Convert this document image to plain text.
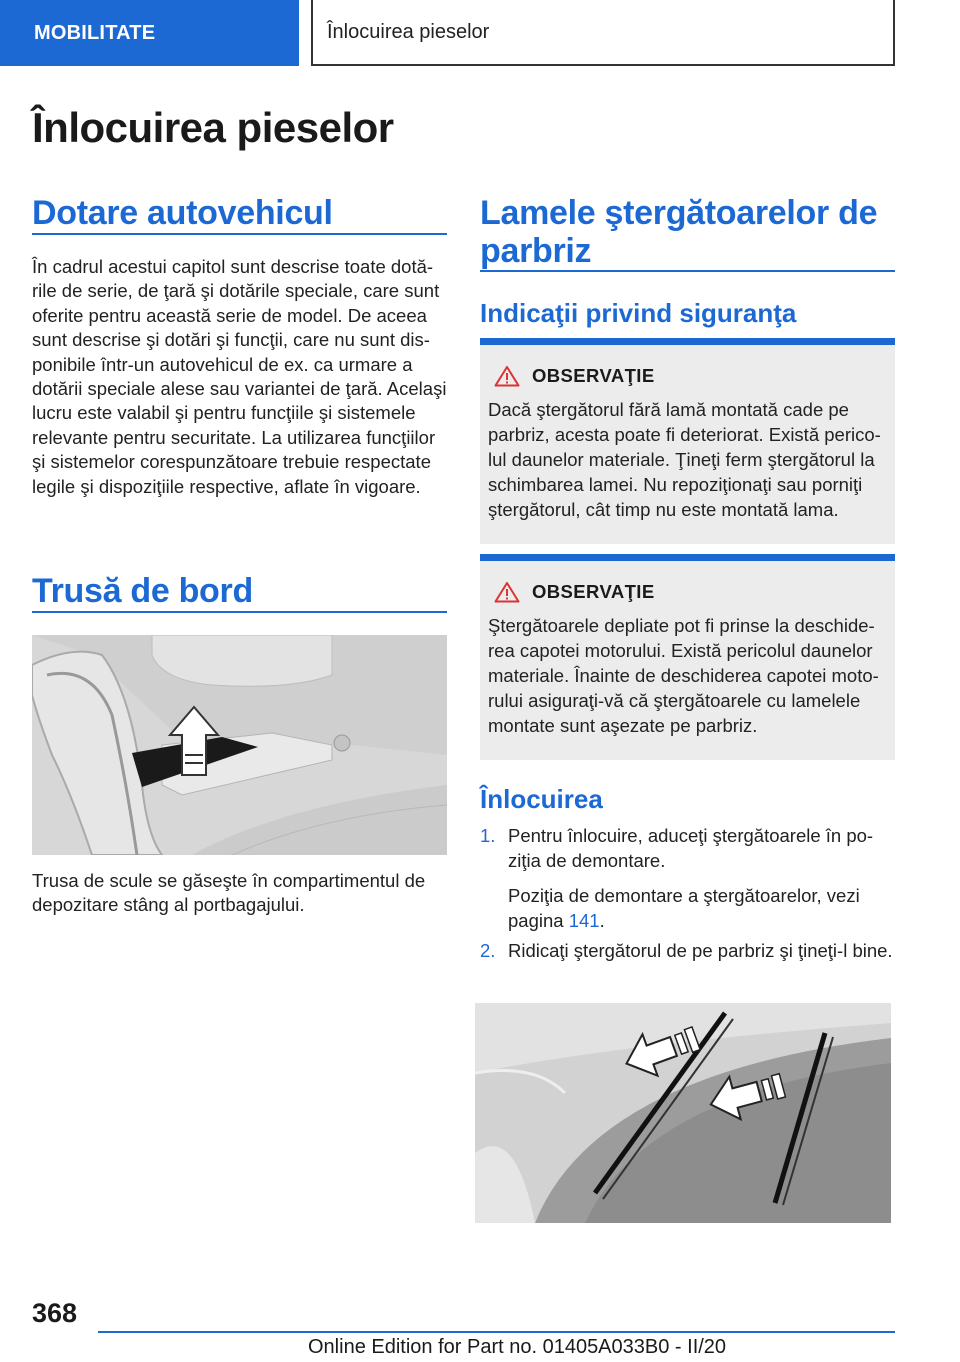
MOBILITATE	Înlocuirea pieselor
Înlocuirea pieselor
Dotare autovehicul

În cadrul acestui capitol sunt descrise toate dotările de serie, de ţară şi dotările speciale, care sunt oferite pentru această serie de model. De aceea sunt descrise şi dotări şi funcţii, care nu sunt disponibile într‑un autovehicul de ex. ca urmare a dotării speciale alese sau variantei de ţară. Acelaşi lucru este valabil şi pentru funcţiile şi sistemele relevante pentru securitate. La utilizarea funcţiilor şi sistemelor corespunzătoare trebuie respectate legile şi dispoziţiile respective, aflate în vigoare.

Trusă de bord

Trusa de scule se găseşte în compartimentul de depozitare stâng al portbagajului.

Lamele ştergătoarelor de parbriz
Indicaţii privind siguranţa
OBSERVAŢIE

Dacă ştergătorul fără lamă montată cade pe parbriz, acesta poate fi deteriorat. Există pericolul daunelor materiale. Ţineţi ferm ştergătorul la schimbarea lamei. Nu repoziţionaţi sau porniţi ştergătorul, cât timp nu este montată lama.

OBSERVAŢIE

Ştergătoarele depliate pot fi prinse la deschiderea capotei motorului. Există pericolul daunelor materiale. Înainte de deschiderea capotei motorului asiguraţi‑vă că ştergătoarele cu lamelele montate sunt aşezate pe parbriz.

Înlocuirea
1. Pentru înlocuire, aduceţi ştergătoarele în poziţia de demontare.
Poziţia de demontare a ştergătoarelor, vezi pagina 141.
2. Ridicaţi ştergătorul de pe parbriz şi ţineţi‑l bine.
368
Online Edition for Part no. 01405A033B0 - II/20
